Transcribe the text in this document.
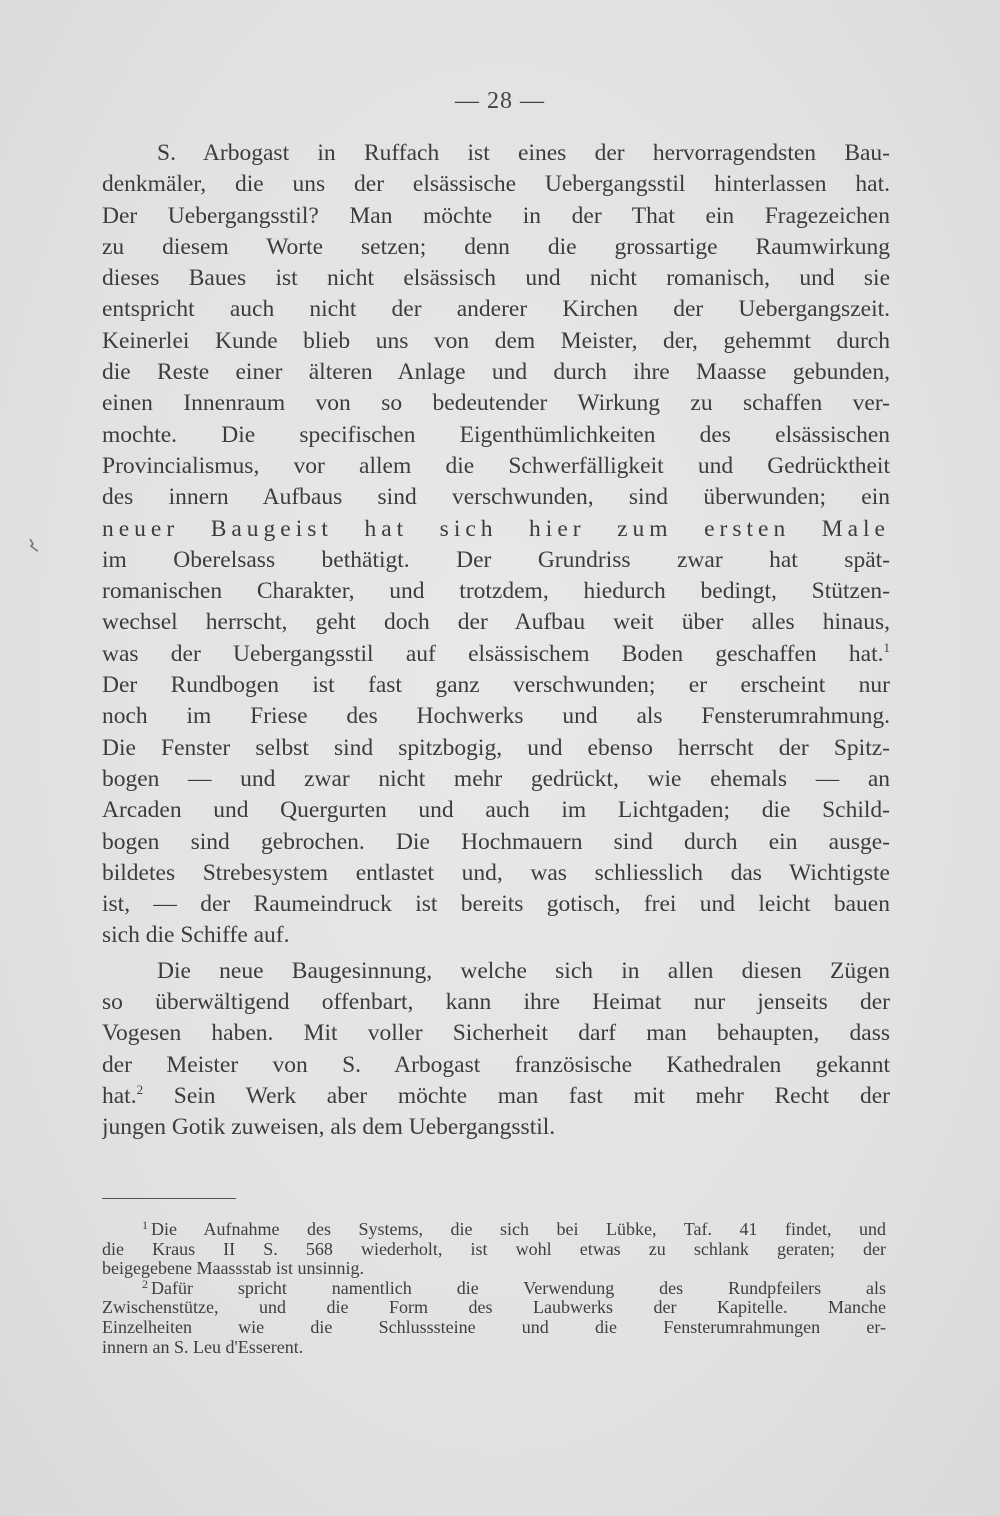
— 28 —
S. Arbogast in Ruffach ist eines der hervorragendsten Bau-
denkmäler, die uns der elsässische Uebergangsstil hinterlassen hat.
Der Uebergangsstil? Man möchte in der That ein Fragezeichen
zu diesem Worte setzen; denn die grossartige Raumwirkung
dieses Baues ist nicht elsässisch und nicht romanisch, und sie
entspricht auch nicht der anderer Kirchen der Uebergangszeit.
Keinerlei Kunde blieb uns von dem Meister, der, gehemmt durch
die Reste einer älteren Anlage und durch ihre Maasse gebunden,
einen Innenraum von so bedeutender Wirkung zu schaffen ver-
mochte. Die specifischen Eigenthümlichkeiten des elsässischen
Provincialismus, vor allem die Schwerfälligkeit und Gedrücktheit
des innern Aufbaus sind verschwunden, sind überwunden; ein
neuer Baugeist hat sich hier zum ersten Male
im Oberelsass bethätigt. Der Grundriss zwar hat spät-
romanischen Charakter, und trotzdem, hiedurch bedingt, Stützen-
wechsel herrscht, geht doch der Aufbau weit über alles hinaus,
was der Uebergangsstil auf elsässischem Boden geschaffen hat.$^1$
Der Rundbogen ist fast ganz verschwunden; er erscheint nur
noch im Friese des Hochwerks und als Fensterumrahmung.
Die Fenster selbst sind spitzbogig, und ebenso herrscht der Spitz-
bogen — und zwar nicht mehr gedrückt, wie ehemals — an
Arcaden und Quergurten und auch im Lichtgaden; die Schild-
bogen sind gebrochen. Die Hochmauern sind durch ein ausge-
bildetes Strebesystem entlastet und, was schliesslich das Wichtigste
ist, — der Raumeindruck ist bereits gotisch, frei und leicht bauen
sich die Schiffe auf.
Die neue Baugesinnung, welche sich in allen diesen Zügen
so überwältigend offenbart, kann ihre Heimat nur jenseits der
Vogesen haben. Mit voller Sicherheit darf man behaupten, dass
der Meister von S. Arbogast französische Kathedralen gekannt
hat.$^2$ Sein Werk aber möchte man fast mit mehr Recht der
jungen Gotik zuweisen, als dem Uebergangsstil.
$^1$ Die Aufnahme des Systems, die sich bei Lübke, Taf. 41 findet, und
die Kraus II S. 568 wiederholt, ist wohl etwas zu schlank geraten; der
beigegebene Maassstab ist unsinnig.
$^2$ Dafür spricht namentlich die Verwendung des Rundpfeilers als
Zwischenstütze, und die Form des Laubwerks der Kapitelle. Manche
Einzelheiten wie die Schlusssteine und die Fensterumrahmungen er-
innern an S. Leu d'Esserent.
